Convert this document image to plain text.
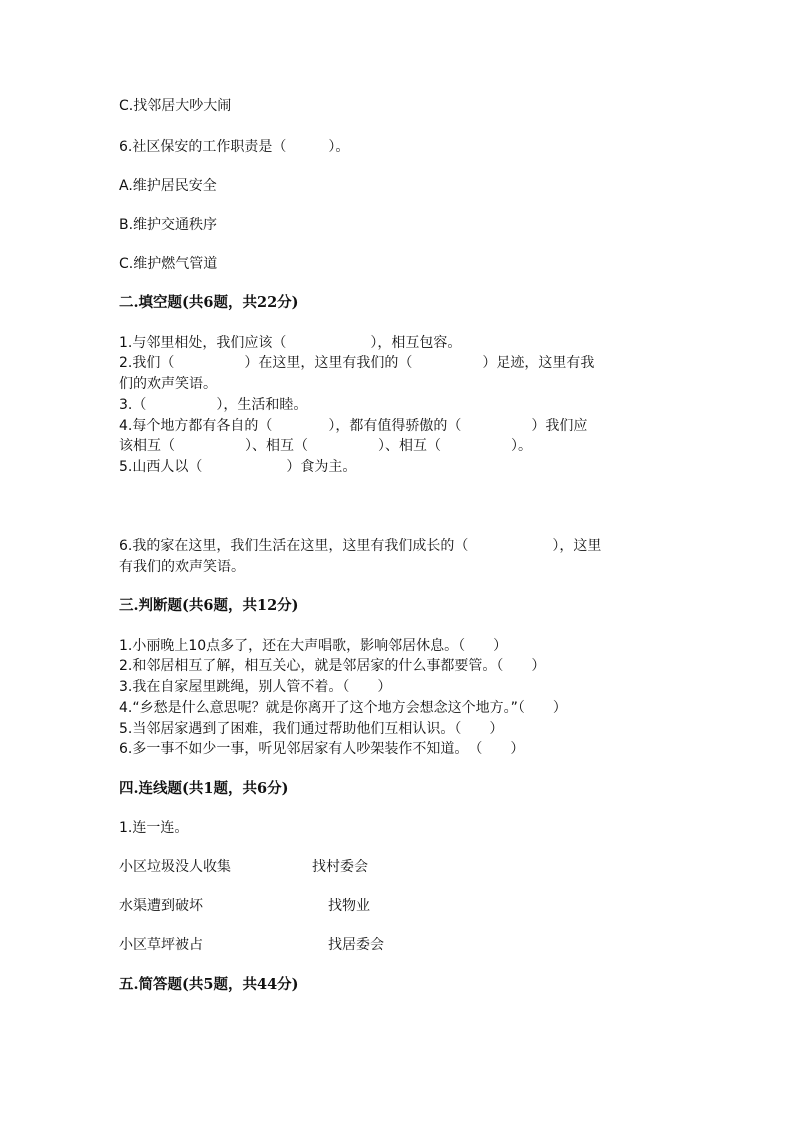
C.找邻居大吵大闹
6.社区保安的工作职责是（　　　）。
A.维护居民安全
B.维护交通秩序
C.维护燃气管道
二.填空题(共6题，共22分)
1.与邻里相处，我们应该（　　　　　　），相互包容。
2.我们（　　　　　）在这里，这里有我们的（　　　　　）足迹，这里有我
们的欢声笑语。
3.（　　　　　），生活和睦。
4.每个地方都有各自的（　　　　），都有值得骄傲的（　　　　　）我们应
该相互（　　　　　）、相互（　　　　　）、相互（　　　　　）。
5.山西人以（　　　　　　）食为主。
6.我的家在这里，我们生活在这里，这里有我们成长的（　　　　　　），这里
有我们的欢声笑语。
三.判断题(共6题，共12分)
1.小丽晚上10点多了，还在大声唱歌，影响邻居休息。（　　）
2.和邻居相互了解，相互关心，就是邻居家的什么事都要管。（　　）
3.我在自家屋里跳绳，别人管不着。（　　）
4.“乡愁是什么意思呢？就是你离开了这个地方会想念这个地方。”（　　）
5.当邻居家遇到了困难，我们通过帮助他们互相认识。（　　）
6.多一事不如少一事，听见邻居家有人吵架装作不知道。　（　　）
四.连线题(共1题，共6分)
1.连一连。
小区垃圾没人收集	找村委会
水渠遭到破坏	找物业
小区草坪被占	找居委会
五.简答题(共5题，共44分)
